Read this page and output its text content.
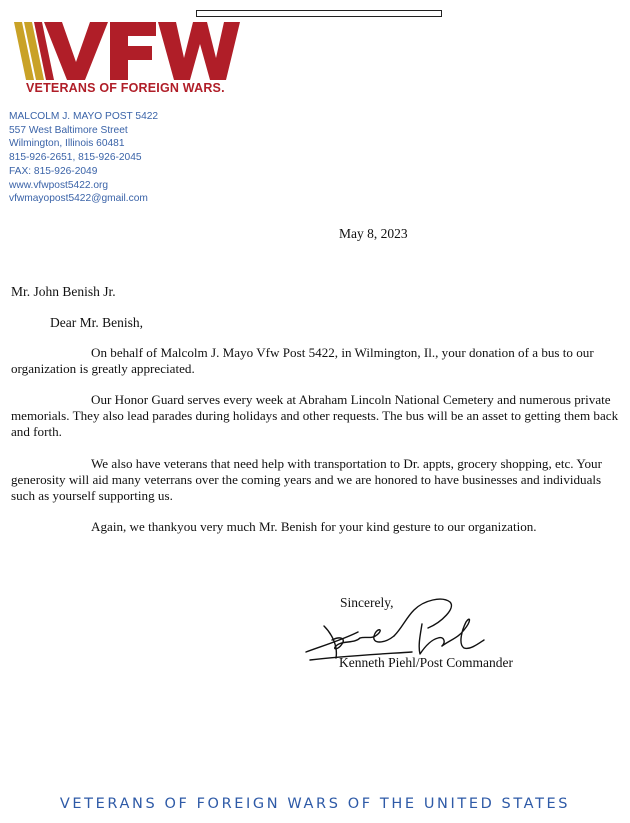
VETERANS OF FOREIGN WARS.
MALCOLM J. MAYO POST 5422
557 West Baltimore Street
Wilmington, Illinois 60481
815-926-2651, 815-926-2045
FAX: 815-926-2049
www.vfwpost5422.org
vfwmayopost5422@gmail.com
May 8, 2023
Mr. John Benish Jr.
Dear Mr. Benish,

On behalf of Malcolm J. Mayo Vfw Post 5422, in Wilmington, Il., your donation of a bus to our organization is greatly appreciated.

Our Honor Guard serves every week at Abraham Lincoln National Cemetery and numerous private memorials. They also lead parades during holidays and other requests. The bus will be an asset to getting them back and forth.

We also have veterans that need help with transportation to Dr. appts, grocery shopping, etc. Your generosity will aid many veterrans over the coming years and we are honored to have businesses and individuals such as yourself supporting us.

Again, we thankyou very much Mr. Benish for your kind gesture to our organization.

Sincerely,
Kenneth Piehl/Post Commander
VETERANS OF FOREIGN WARS OF THE UNITED STATES
